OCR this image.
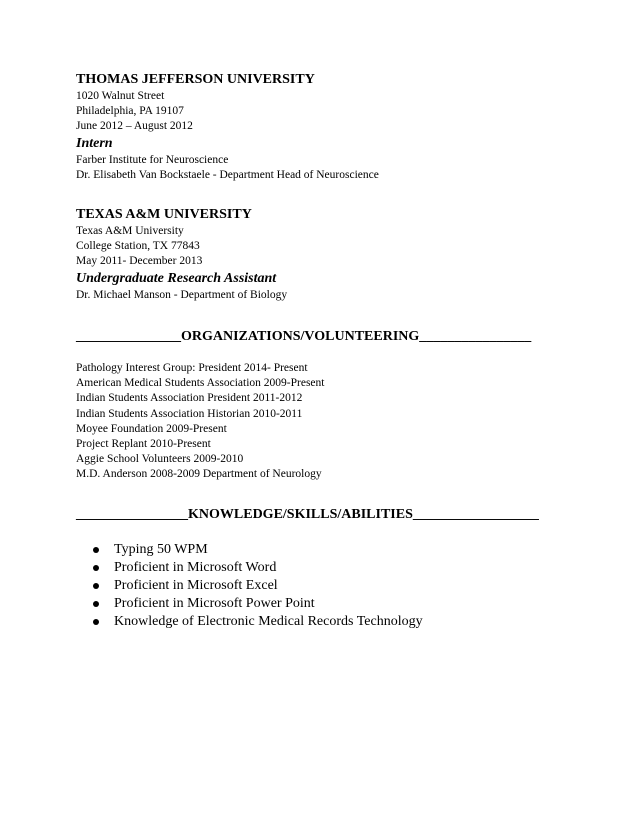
THOMAS JEFFERSON UNIVERSITY
1020 Walnut Street
Philadelphia, PA 19107
June 2012 – August 2012
Intern
Farber Institute for Neuroscience
Dr. Elisabeth Van Bockstaele - Department Head of Neuroscience
TEXAS A&M UNIVERSITY
Texas A&M University
College Station, TX 77843
May 2011- December 2013
Undergraduate Research Assistant
Dr. Michael Manson - Department of Biology
_______________ORGANIZATIONS/VOLUNTEERING________________
Pathology Interest Group: President 2014- Present
American Medical Students Association 2009-Present
Indian Students Association President 2011-2012
Indian Students Association Historian 2010-2011
Moyee Foundation 2009-Present
Project Replant 2010-Present
Aggie School Volunteers 2009-2010
M.D. Anderson 2008-2009 Department of Neurology
________________KNOWLEDGE/SKILLS/ABILITIES__________________
Typing 50 WPM
Proficient in Microsoft Word
Proficient in Microsoft Excel
Proficient in Microsoft Power Point
Knowledge of Electronic Medical Records Technology
